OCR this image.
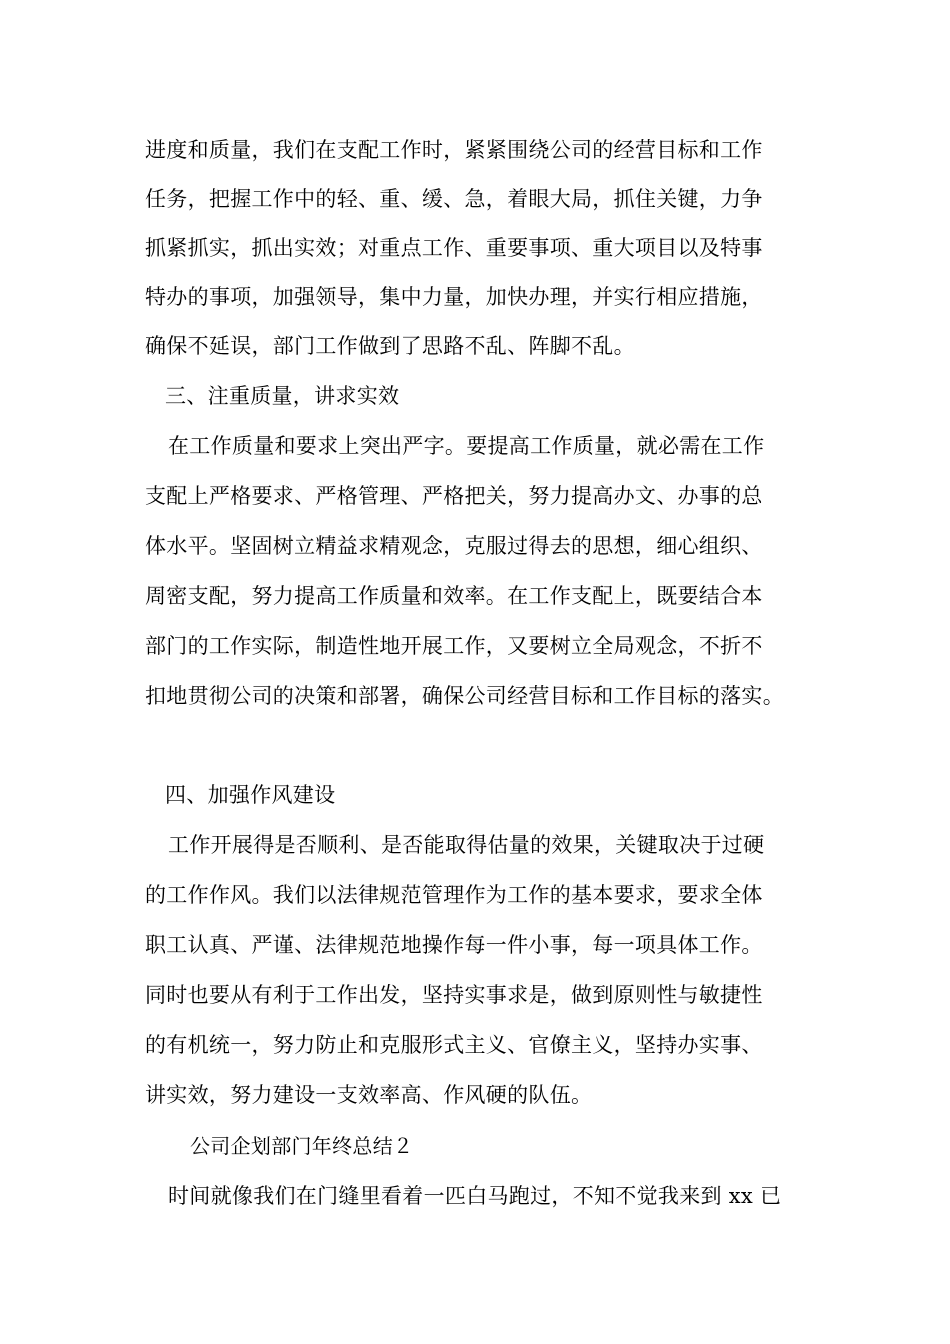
进度和质量，我们在支配工作时，紧紧围绕公司的经营目标和工作
任务，把握工作中的轻、重、缓、急，着眼大局，抓住关键，力争
抓紧抓实，抓出实效；对重点工作、重要事项、重大项目以及特事
特办的事项，加强领导，集中力量，加快办理，并实行相应措施，
确保不延误，部门工作做到了思路不乱、阵脚不乱。
三、注重质量，讲求实效
在工作质量和要求上突出严字。要提高工作质量，就必需在工作
支配上严格要求、严格管理、严格把关，努力提高办文、办事的总
体水平。坚固树立精益求精观念，克服过得去的思想，细心组织、
周密支配，努力提高工作质量和效率。在工作支配上，既要结合本
部门的工作实际，制造性地开展工作，又要树立全局观念，不折不
扣地贯彻公司的决策和部署，确保公司经营目标和工作目标的落实。
四、加强作风建设
工作开展得是否顺利、是否能取得估量的效果，关键取决于过硬
的工作作风。我们以法律规范管理作为工作的基本要求，要求全体
职工认真、严谨、法律规范地操作每一件小事，每一项具体工作。
同时也要从有利于工作出发，坚持实事求是，做到原则性与敏捷性
的有机统一，努力防止和克服形式主义、官僚主义，坚持办实事、
讲实效，努力建设一支效率高、作风硬的队伍。
公司企划部门年终总结２
时间就像我们在门缝里看着一匹白马跑过，不知不觉我来到 xx 已
